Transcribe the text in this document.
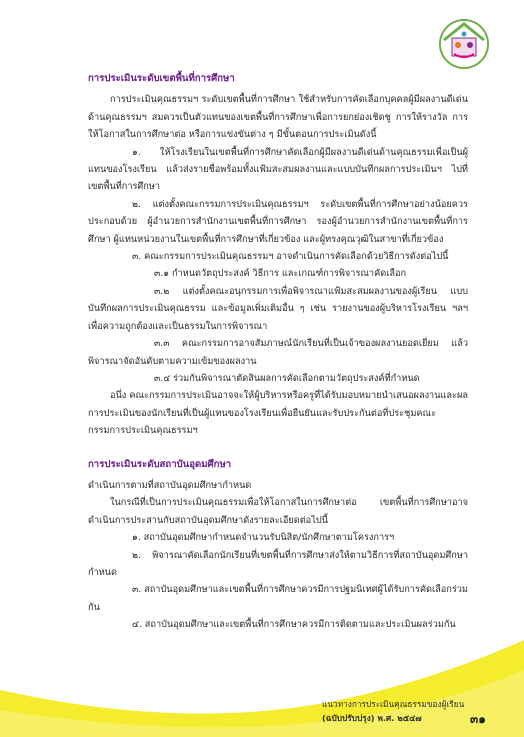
การประเมินระดับเขตพื้นที่การศึกษา

การประเมินคุณธรรมฯ ระดับเขตพื้นที่การศึกษา ใช้สำหรับการคัดเลือกบุคคลผู้มีผลงานดีเด่นด้านคุณธรรมฯ สมควรเป็นตัวแทนของเขตพื้นที่การศึกษาเพื่อการยกย่องเชิดชู การให้รางวัล การให้โอกาสในการศึกษาต่อ หรือการแข่งขันต่าง ๆ มีขั้นตอนการประเมินดังนี้

๑. ให้โรงเรียนในเขตพื้นที่การศึกษาคัดเลือกผู้มีผลงานดีเด่นด้านคุณธรรมเพื่อเป็นผู้แทนของโรงเรียน แล้วส่งรายชื่อพร้อมทั้งแฟ้มสะสมผลงานและแบบบันทึกผลการประเมินฯ ไปที่เขตพื้นที่การศึกษา

๒. แต่งตั้งคณะกรรมการประเมินคุณธรรมฯ ระดับเขตพื้นที่การศึกษาอย่างน้อยควรประกอบด้วย ผู้อำนวยการสำนักงานเขตพื้นที่การศึกษา รองผู้อำนวยการสำนักงานเขตพื้นที่การศึกษา ผู้แทนหน่วยงานในเขตพื้นที่การศึกษาที่เกี่ยวข้อง และผู้ทรงคุณวุฒิในสาขาที่เกี่ยวข้อง

๓. คณะกรรมการประเมินคุณธรรมฯ อาจดำเนินการคัดเลือกด้วยวิธีการดังต่อไปนี้

๓.๑ กำหนดวัตถุประสงค์ วิธีการ และเกณฑ์การพิจารณาคัดเลือก

๓.๒ แต่งตั้งคณะอนุกรรมการเพื่อพิจารณาแฟ้มสะสมผลงานของผู้เรียน แบบบันทึกผลการประเมินคุณธรรม และข้อมูลเพิ่มเติมอื่น ๆ เช่น รายงานของผู้บริหารโรงเรียน ฯลฯ เพื่อความถูกต้องและเป็นธรรมในการพิจารณา

๓.๓ คณะกรรมการอาจสัมภาษณ์นักเรียนที่เป็นเจ้าของผลงานยอดเยี่ยม แล้วพิจารณาจัดอันดับตามความเข้มของผลงาน

๓.๔ ร่วมกันพิจารณาตัดสินผลการคัดเลือกตามวัตถุประสงค์ที่กำหนด

อนึ่ง คณะกรรมการประเมินอาจจะให้ผู้บริหารหรือครูที่ได้รับมอบหมายนำเสนอผลงานและผลการประเมินของนักเรียนที่เป็นผู้แทนของโรงเรียนเพื่อยืนยันและรับประกันต่อที่ประชุมคณะกรรมการประเมินคุณธรรมฯ

การประเมินระดับสถาบันอุดมศึกษา

ดำเนินการตามที่สถาบันอุดมศึกษากำหนด

ในกรณีที่เป็นการประเมินคุณธรรมเพื่อให้โอกาสในการศึกษาต่อ เขตพื้นที่การศึกษาอาจดำเนินการประสานกับสถาบันอุดมศึกษาดังรายละเอียดต่อไปนี้

๑. สถาบันอุดมศึกษากำหนดจำนวนรับนิสิต/นักศึกษาตามโครงการฯ

๒. พิจารณาคัดเลือกนักเรียนที่เขตพื้นที่การศึกษาส่งให้ตามวิธีการที่สถาบันอุดมศึกษากำหนด

๓. สถาบันอุดมศึกษาและเขตพื้นที่การศึกษาควรมีการปฐมนิเทศผู้ได้รับการคัดเลือกร่วมกัน

๔. สถาบันอุดมศึกษาและเขตพื้นที่การศึกษาควรมีการติดตามและประเมินผลร่วมกัน

แนวทางการประเมินคุณธรรมของผู้เรียน
(ฉบับปรับปรุง) พ.ศ. ๒๕๔๗	๓๑
